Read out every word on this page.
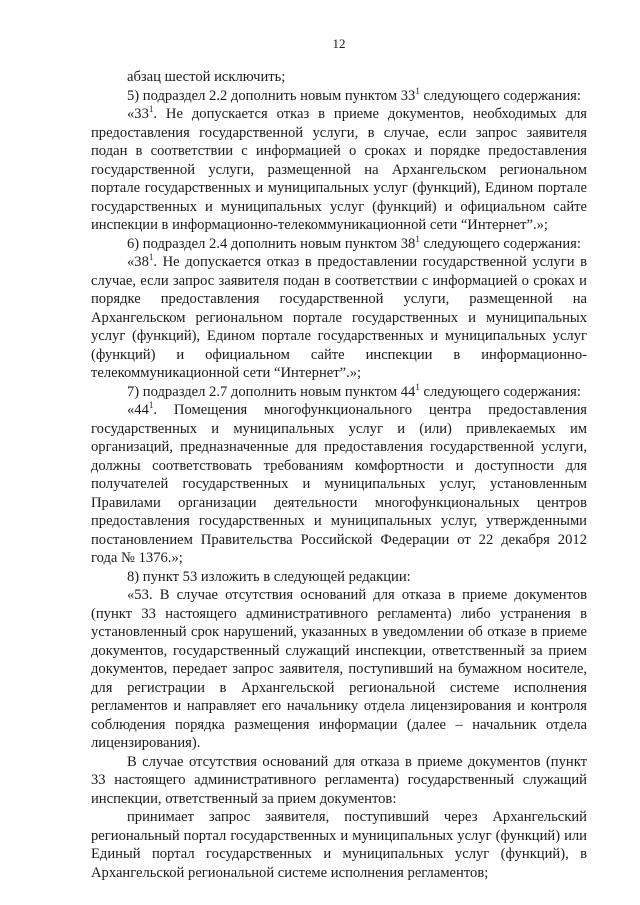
12

абзац шестой исключить;

5) подраздел 2.2 дополнить новым пунктом $33^1$ следующего содержания:

«$33^1$. Не допускается отказ в приеме документов, необходимых для предоставления государственной услуги, в случае, если запрос заявителя подан в соответствии с информацией о сроках и порядке предоставления государственной услуги, размещенной на Архангельском региональном портале государственных и муниципальных услуг (функций), Едином портале государственных и муниципальных услуг (функций) и официальном сайте инспекции в информационно-телекоммуникационной сети “Интернет”.»;

6) подраздел 2.4 дополнить новым пунктом $38^1$ следующего содержания:

«$38^1$. Не допускается отказ в предоставлении государственной услуги в случае, если запрос заявителя подан в соответствии с информацией о сроках и порядке предоставления государственной услуги, размещенной на Архангельском региональном портале государственных и муниципальных услуг (функций), Едином портале государственных и муниципальных услуг (функций) и официальном сайте инспекции в информационно-телекоммуникационной сети “Интернет”.»;

7) подраздел 2.7 дополнить новым пунктом $44^1$ следующего содержания:

«$44^1$. Помещения многофункционального центра предоставления государственных и муниципальных услуг и (или) привлекаемых им организаций, предназначенные для предоставления государственной услуги, должны соответствовать требованиям комфортности и доступности для получателей государственных и муниципальных услуг, установленным Правилами организации деятельности многофункциональных центров предоставления государственных и муниципальных услуг, утвержденными постановлением Правительства Российской Федерации от 22 декабря 2012 года № 1376.»;

8) пункт 53 изложить в следующей редакции:

«53. В случае отсутствия оснований для отказа в приеме документов (пункт 33 настоящего административного регламента) либо устранения в установленный срок нарушений, указанных в уведомлении об отказе в приеме документов, государственный служащий инспекции, ответственный за прием документов, передает запрос заявителя, поступивший на бумажном носителе, для регистрации в Архангельской региональной системе исполнения регламентов и направляет его начальнику отдела лицензирования и контроля соблюдения порядка размещения информации (далее – начальник отдела лицензирования).

В случае отсутствия оснований для отказа в приеме документов (пункт 33 настоящего административного регламента) государственный служащий инспекции, ответственный за прием документов:

принимает запрос заявителя, поступивший через Архангельский региональный портал государственных и муниципальных услуг (функций) или Единый портал государственных и муниципальных услуг (функций), в Архангельской региональной системе исполнения регламентов;
